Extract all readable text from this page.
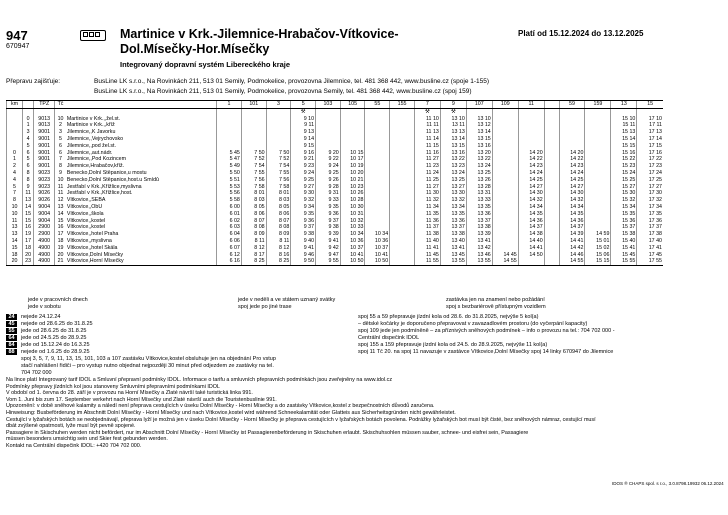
947
670947
Martinice v Krk.-Jilemnice-Hrabačov-Vítkovice-Dol.Mísečky-Hor.Mísečky
Platí od 15.12.2024 do 13.12.2025
Integrovaný dopravní systém Libereckého kraje
Přepravu zajišťuje:	BusLine LK s.r.o., Na Rovinkách 211, 513 01 Semily, Podmokelice, provozovna Jilemnice, tel. 481 368 442, www.busline.cz (spoje 1-155)
BusLine LK s.r.o., Na Rovinkách 211, 513 01 Semily, Podmokelice, provozovna Semily, tel. 481 368 442, www.busline.cz (spoj 159)
km		TPZ	Tč		1	101	3	5	103	105	55	155	7	9	107	109	11		59	159	13	15
								⚒					⚒	⚒								
	0	9013	10	Martinice v Krk.,,žel.st.				9 10					11 10	13 10	13 10						15 10	17 10
	1	9013	2	Martinice v Krk.,,kříž				9 11					11 11	13 11	13 12						15 11	17 11
	3	9001	3	Jilemnice,,K Javorku				9 13					11 13	13 13	13 14						15 13	17 13
	4	9001	5	Jilemnice,,Vejrychovsko				9 14					11 14	13 14	13 15						15 14	17 14
	5	9001	6	Jilemnice,,pod žel.st.				9 15					11 15	13 15	13 16						15 15	17 15
0	6	9001	6	Jilemnice,,aut.nádr.	5 45	7 50	7 50	9 16	9 20	10 15			11 16	13 16	13 20		14 20		14 20		15 16	17 16
1	5	9001	7	Jilemnice,,Pod Kozincem	5 47	7 52	7 52	9 21	9 22	10 17			11 27	13 22	13 22		14 22		14 22		15 22	17 22
2	6	9001	8	Jilemnice,Hrabačov,kříž.	5 49	7 54	7 54	9 23	9 24	10 19			11 23	13 23	13 24		14 23		14 23		15 23	17 23
4	8	9023	9	Benecko,Dolní Štěpanice,u mostu	5 50	7 55	7 55	9 24	9 25	10 20			11 24	13 24	13 25		14 24		14 24		15 24	17 24
4	8	9023	10	Benecko,Dolní Štěpanice,host.u Smídů	5 51	7 56	7 56	9 25	9 26	10 21			11 25	13 25	13 26		14 25		14 25		15 25	17 25
5	9	9023	11	Jestřabí v Krk.,Křížlice,myslivna	5 53	7 58	7 58	9 27	9 28	10 23			11 27	13 27	13 28		14 27		14 27		15 27	17 27
7	11	9026	11	Jestřabí v Krk.,Křížlice,host.	5 56	8 01	8 01	9 30	9 31	10 26			11 30	13 30	13 31		14 30		14 30		15 30	17 30
8	13	9026	12	Vítkovice,,SEBA	5 58	8 03	8 03	9 32	9 33	10 28			11 32	13 32	13 33		14 32		14 32		15 32	17 32
10	14	9004	13	Vítkovice,,ObÚ	6 00	8 05	8 05	9 34	9 35	10 30			11 34	13 34	13 35		14 34		14 34		15 34	17 34
10	15	9004	14	Vítkovice,,škola	6 01	8 06	8 06	9 35	9 36	10 31			11 35	13 35	13 36		14 35		14 35		15 35	17 35
11	15	9004	15	Vítkovice,,kostel	6 02	8 07	8 07	9 36	9 37	10 32			11 36	13 36	13 37		14 36		14 36		15 36	17 36
13	16	2900	16	Vítkovice,,kostel	6 03	8 08	8 08	9 37	9 38	10 33			11 37	13 37	13 38		14 37		14 37		15 37	17 37
13	19	2900	17	Vítkovice,,hotel Praha	6 04	8 09	8 09	9 38	9 39	10 34	10 34		11 38	13 38	13 39		14 38		14 39	14 59	15 38	17 38
14	17	4900	18	Vítkovice,,myslivna	6 06	8 11	8 11	9 40	9 41	10 36	10 36		11 40	13 40	13 41		14 40		14 41	15 01	15 40	17 40
15	18	4900	19	Vítkovice,,hotel Skála	6 07	8 12	8 12	9 41	9 42	10 37	10 37		11 41	13 41	13 42		14 41		14 42	15 02	15 41	17 41
18	20	4900	20	Vítkovice,Dolní Mísečky	6 12	8 17	8 16	9 46	9 47	10 41	10 41		11 45	13 45	13 46	14 45	14 50		14 46	15 06	15 45	17 45
20	23	4900	21	Vítkovice,Horní Mísečky	6 16	8 25	8 25	9 50	9 55	10 50	10 50		11 55	13 55	13 55	14 55			14 55	15 15	15 55	17 55
jede v pracovních dnech
jede v sobotu
jede v neděli a ve státem uznaný svátky
spoj jede po jiné trase
zastávka jen na znamení nebo požádání
spoj s bezbariérově přístupným vozidlem
24 nejede 24.12.24
45 nejede od 28.6.25 do 31.8.25
55 jede od 28.6.25 do 31.8.25
64 jede od 24.5.25 do 28.9.25
84 jede od 15.12.24 do 16.3.25
88 nejede od 1.6.25 do 28.9.25
spoj 3, 5, 7, 9, 11, 13, 15, 101, 103 a 107 zastávku Vítkovice,kostel obsluhuje jen na objednání Pro vstup
stačí nahlášení řidiči – pro vystup nutno objednat nejpozději 30 minut před odjezdem ze zastávky na tel.
704 702 000
spoj 55 a 59 přepravuje jízdní kola od 28.6. do 31.8.2025, nejvýše 5 kol(a)
– dětské kočárky je doporučeno přepravovat v zavazadlovém prostoru (do vyčerpání kapacity)
spoj 109 jede jen podmíněně – za příznivých sněhových podmínek – info o provozu na tel.: 704 702 000 -
Centrální dispečink IDOL
spoj 155 a 159 přepravuje jízdní kola od 24.5. do 28.9.2025, nejvýše 11 kol(a)
spoj 11 Tč 20. na spoj 11 navazuje v zastávce Vítkovice,Dolní Mísečky spoj 14 linky 670947 do Jilemnice
Na lince platí Integrovaný tarif IDOL a Smluvní přepravní podmínky IDOL. Informace o tarifu a smluvních přepravních podmínkách jsou zveřejněny na www.idol.cz
Podmínky přepravy jízdních kol jsou stanoveny Smluvními přepravními podmínkami IDOL
V období od 1. června do 28. září je v provozu na Horní Mísečky a Zlaté návrší také turistická linka 991.
Vom 1. Juni bis zum 17. September verkehrt nach Horní Mísečky und Zlaté návrší auch die Touristenbuslinie 991.
Upozornění: v době sněhové kalamity a náledí není přeprava cestujících v úseku Dolní Mísečky - Horní Mísečky a do zastávky Vítkovice,kostel z bezpečnostních důvodů zaručena.
Hinweisung: Busbeförderung im Abschnitt Dolní Mísečky - Horní Mísečky und nach Vítkovice,kostel wird während Schneekalamität oder Glatteis aus Sicherheitsgründen nicht gewährleistet.
Cestující v lyžařských botách se neobjednávají, přeprava lyží je možná jen v úseku Dolní Mísečky - Horní Mísečky je přeprava cestujících v lyžařských botách povolena. Podrážky lyžařských bot musí být čisté, bez sněhových námraz, cestující musí
dbát zvýšené opatrnosti, lyže musí být pevně spojené.
Passagiere in Skischuhen werden nicht befördert, nur im Abschnitt Dolní Mísečky - Horní Mísečky ist Passagierenbeförderung in Skischuhen erlaubt. Skischuhsohlen müssen sauber, schnee- und eisfrei sein, Passagiere
müssen besonders umsichtig sein und Skier fest gebunden werden.
Kontakt na Centrální dispečink IDOL: +420 704 702 000.
IDOS ® CHAPS spol. s r.o., 3.0.8798.19932 06.12.2024
